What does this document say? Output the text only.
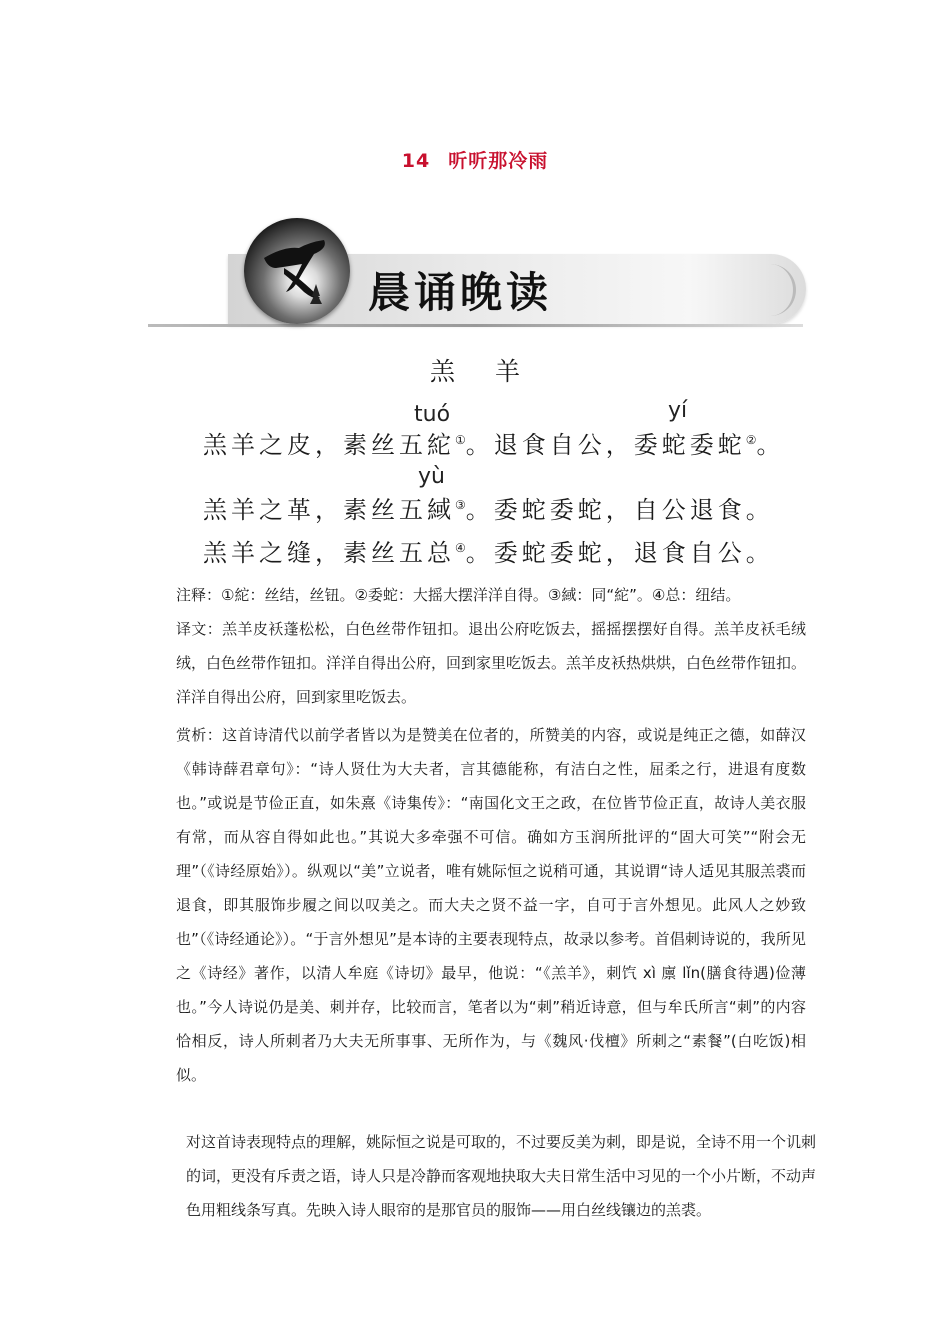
14 听听那冷雨
晨诵晚读
羔羊
tuó	yí
yù
羔羊之皮，素丝五紽①。退食自公，委蛇委蛇②。
羔羊之革，素丝五緎③。委蛇委蛇，自公退食。
羔羊之缝，素丝五总④。委蛇委蛇，退食自公。

注释：①紽：丝结，丝钮。②委蛇：大摇大摆洋洋自得。③緎：同“紽”。④总：纽结。

译文：羔羊皮袄蓬松松，白色丝带作钮扣。退出公府吃饭去，摇摇摆摆好自得。羔羊皮袄毛绒绒，白色丝带作钮扣。洋洋自得出公府，回到家里吃饭去。羔羊皮袄热烘烘，白色丝带作钮扣。洋洋自得出公府，回到家里吃饭去。

赏析：这首诗清代以前学者皆以为是赞美在位者的，所赞美的内容，或说是纯正之德，如薛汉《韩诗薛君章句》：“诗人贤仕为大夫者，言其德能称，有洁白之性，屈柔之行，进退有度数也。”或说是节俭正直，如朱熹《诗集传》：“南国化文王之政，在位皆节俭正直，故诗人美衣服有常，而从容自得如此也。”其说大多牵强不可信。确如方玉润所批评的“固大可笑”“附会无理”（《诗经原始》）。纵观以“美”立说者，唯有姚际恒之说稍可通，其说谓“诗人适见其服羔裘而退食，即其服饰步履之间以叹美之。而大夫之贤不益一字，自可于言外想见。此风人之妙致也”（《诗经通论》）。“于言外想见”是本诗的主要表现特点，故录以参考。首倡刺诗说的，我所见之《诗经》著作，以清人牟庭《诗切》最早，他说：“《羔羊》，刺饩 xì 廪 lǐn(膳食待遇)俭薄也。”今人诗说仍是美、刺并存，比较而言，笔者以为“刺”稍近诗意，但与牟氏所言“刺”的内容恰相反，诗人所刺者乃大夫无所事事、无所作为，与《魏风·伐檀》所刺之“素餐”(白吃饭)相似。

对这首诗表现特点的理解，姚际恒之说是可取的，不过要反美为刺，即是说，全诗不用一个讥刺的词，更没有斥责之语，诗人只是冷静而客观地抉取大夫日常生活中习见的一个小片断，不动声色用粗线条写真。先映入诗人眼帘的是那官员的服饰——用白丝线镶边的羔裘。
